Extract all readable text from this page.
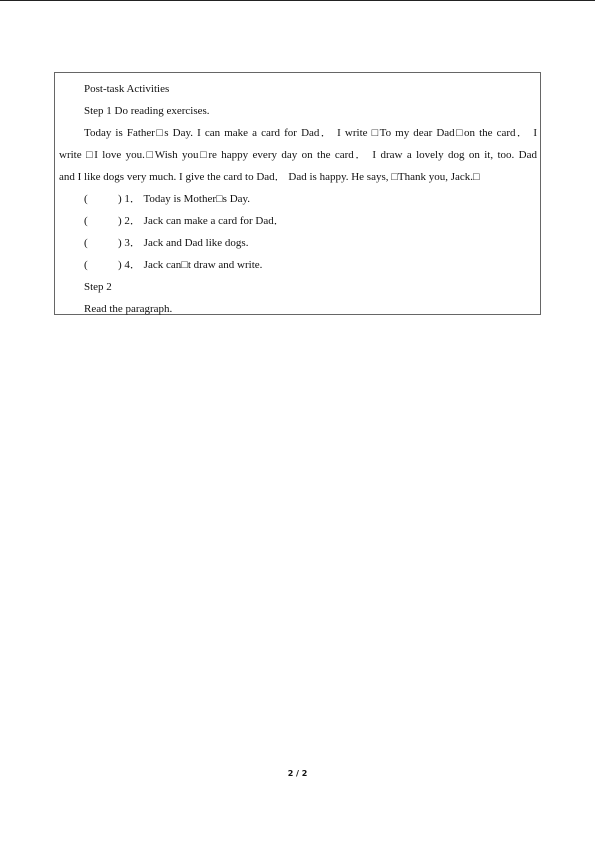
Post-task Activities
Step 1 Do reading exercises.
Today is Father□s Day. I can make a card for Dad． I write □To my dear Dad□on the card． I
write □I love you.□Wish you□re happy every day on the card． I draw a lovely dog on it, too. Dad
and I like dogs very much. I give the card to Dad． Dad is happy. He says, □Thank you, Jack.□
(	) 1． Today is Mother□s Day.
(	) 2． Jack can make a card for Dad．
(	) 3． Jack and Dad like dogs.
(	) 4． Jack can□t draw and write.
Step 2
Read the paragraph.
2 / 2
